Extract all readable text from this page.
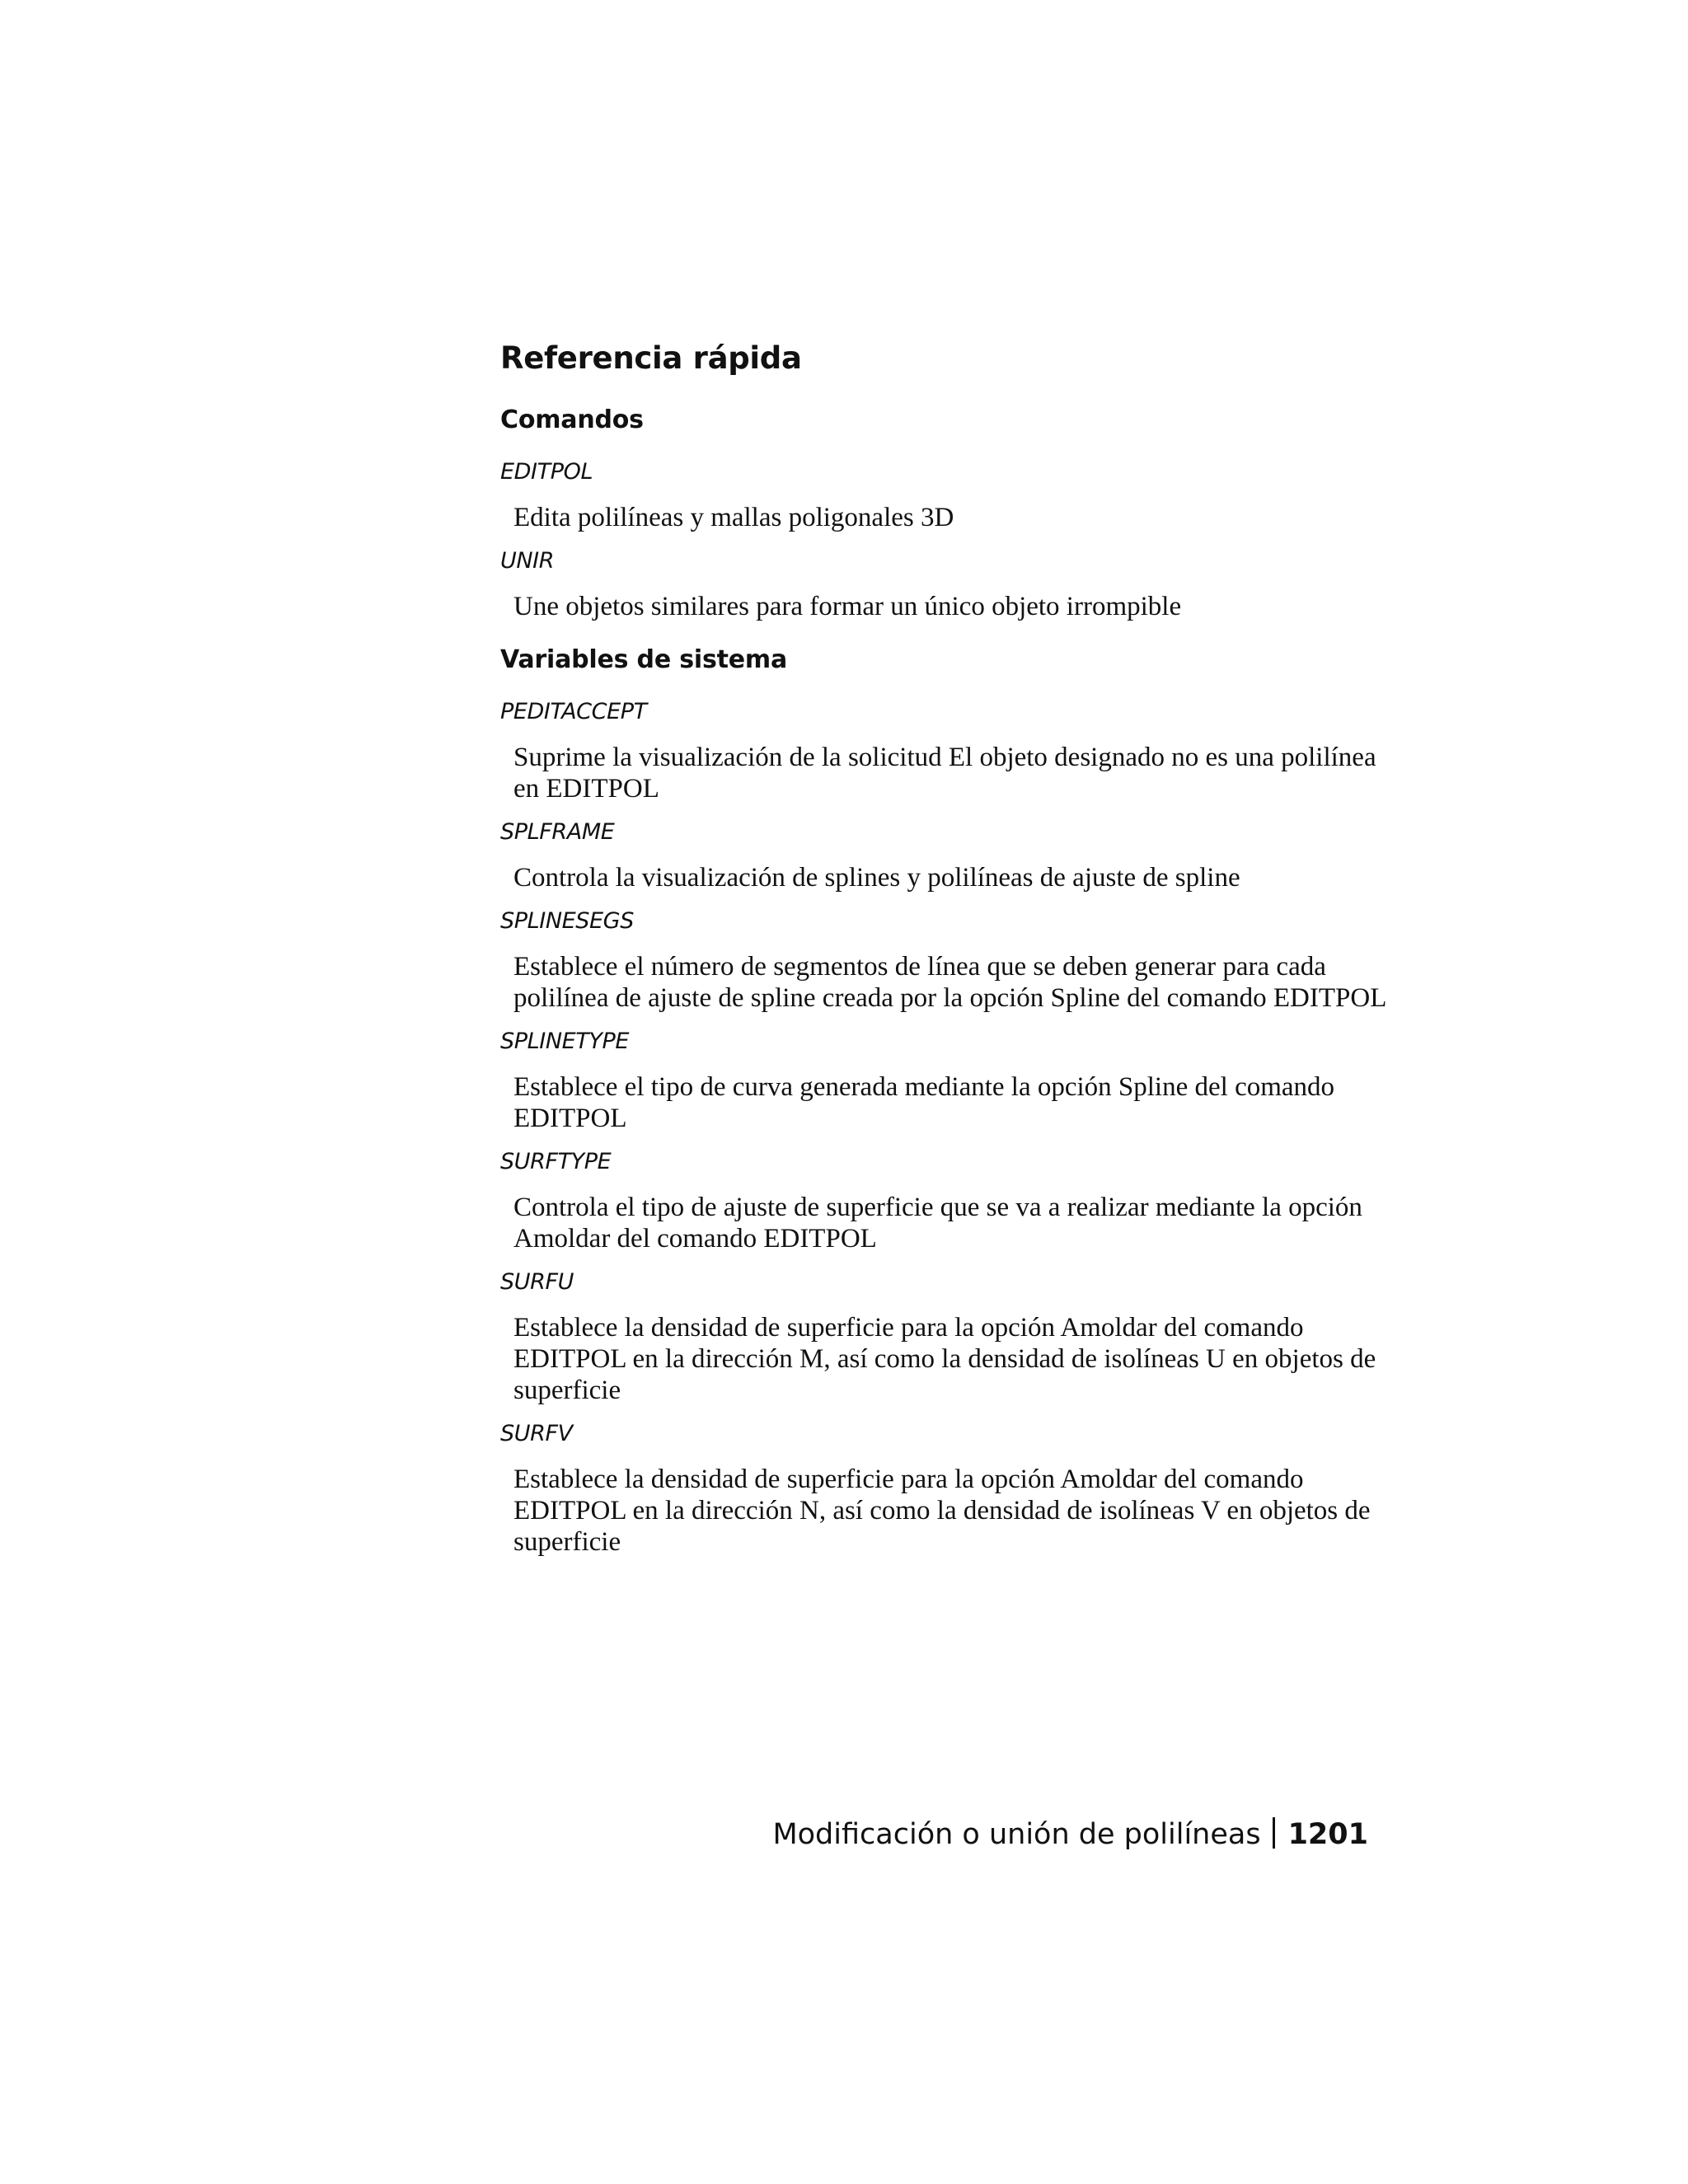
Referencia rápida
Comandos
EDITPOL
Edita polilíneas y mallas poligonales 3D
UNIR
Une objetos similares para formar un único objeto irrompible
Variables de sistema
PEDITACCEPT
Suprime la visualización de la solicitud El objeto designado no es una polilínea en EDITPOL
SPLFRAME
Controla la visualización de splines y polilíneas de ajuste de spline
SPLINESEGS
Establece el número de segmentos de línea que se deben generar para cada polilínea de ajuste de spline creada por la opción Spline del comando EDITPOL
SPLINETYPE
Establece el tipo de curva generada mediante la opción Spline del comando EDITPOL
SURFTYPE
Controla el tipo de ajuste de superficie que se va a realizar mediante la opción Amoldar del comando EDITPOL
SURFU
Establece la densidad de superficie para la opción Amoldar del comando EDITPOL en la dirección M, así como la densidad de isolíneas U en objetos de superficie
SURFV
Establece la densidad de superficie para la opción Amoldar del comando EDITPOL en la dirección N, así como la densidad de isolíneas V en objetos de superficie
Modificación o unión de polilíneas 1201
